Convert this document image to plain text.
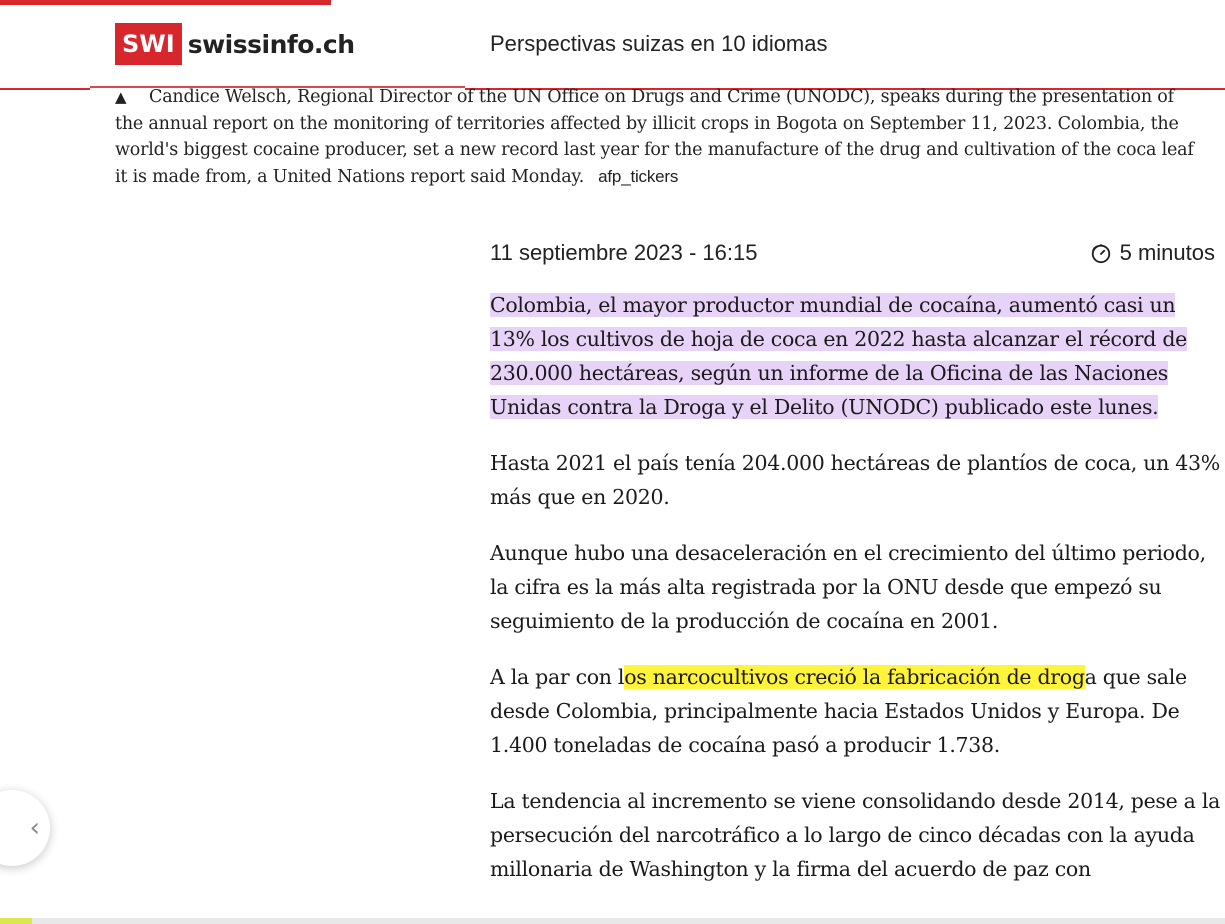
SWI swissinfo.ch	Perspectivas suizas en 10 idiomas
▲ Candice Welsch, Regional Director of the UN Office on Drugs and Crime (UNODC), speaks during the presentation of the annual report on the monitoring of territories affected by illicit crops in Bogota on September 11, 2023. Colombia, the world's biggest cocaine producer, set a new record last year for the manufacture of the drug and cultivation of the coca leaf it is made from, a United Nations report said Monday. afp_tickers
11 septiembre 2023 - 16:15	5 minutos

Colombia, el mayor productor mundial de cocaína, aumentó casi un 13% los cultivos de hoja de coca en 2022 hasta alcanzar el récord de 230.000 hectáreas, según un informe de la Oficina de las Naciones Unidas contra la Droga y el Delito (UNODC) publicado este lunes.

Hasta 2021 el país tenía 204.000 hectáreas de plantíos de coca, un 43% más que en 2020.

Aunque hubo una desaceleración en el crecimiento del último periodo, la cifra es la más alta registrada por la ONU desde que empezó su seguimiento de la producción de cocaína en 2001.

A la par con los narcocultivos creció la fabricación de droga que sale desde Colombia, principalmente hacia Estados Unidos y Europa. De 1.400 toneladas de cocaína pasó a producir 1.738.

La tendencia al incremento se viene consolidando desde 2014, pese a la persecución del narcotráfico a lo largo de cinco décadas con la ayuda millonaria de Washington y la firma del acuerdo de paz con

‹
